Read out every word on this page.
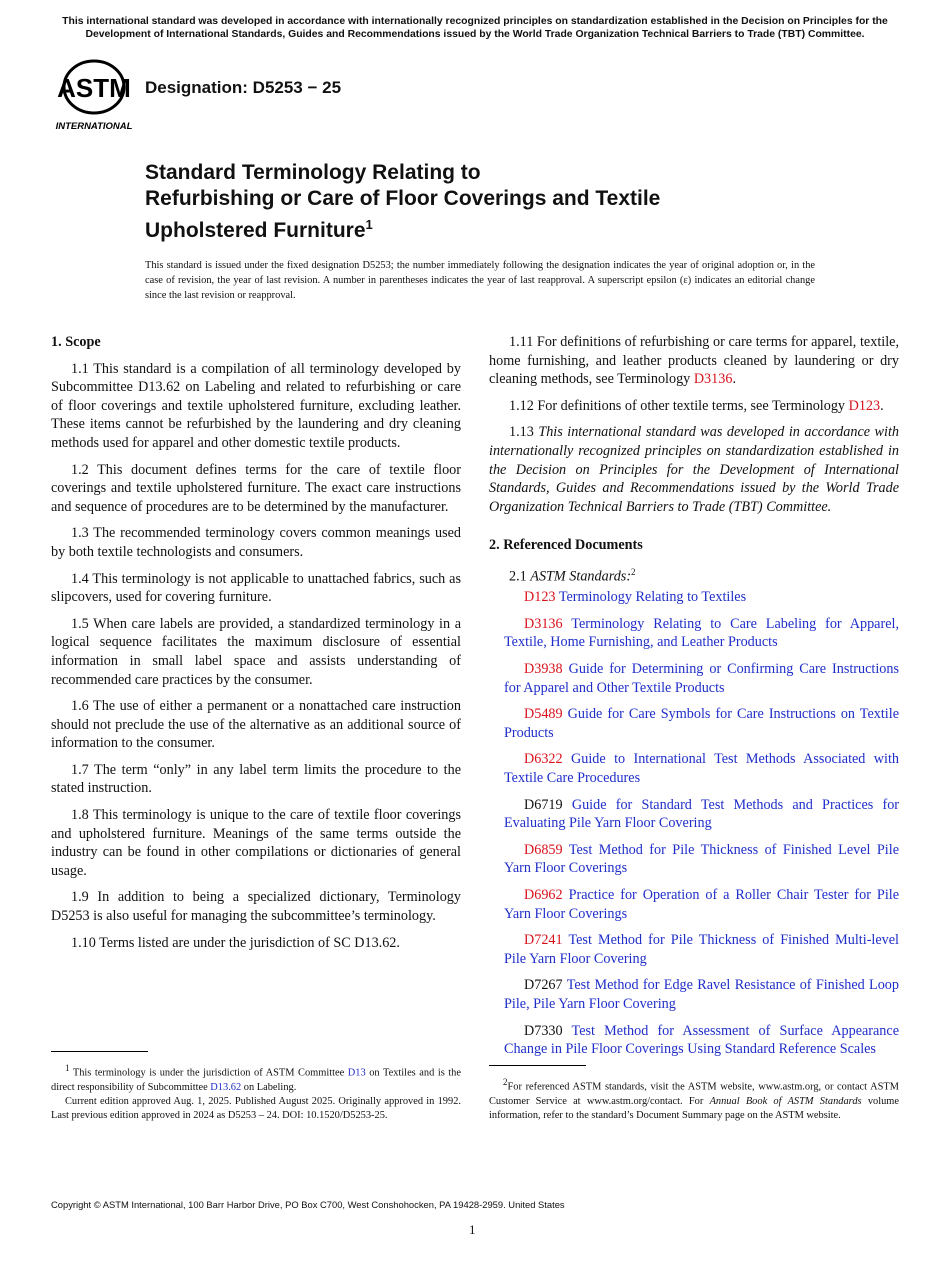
This international standard was developed in accordance with internationally recognized principles on standardization established in the Decision on Principles for the Development of International Standards, Guides and Recommendations issued by the World Trade Organization Technical Barriers to Trade (TBT) Committee.
ASTM
INTERNATIONAL
Designation: D5253 − 25
Standard Terminology Relating to
Refurbishing or Care of Floor Coverings and Textile
Upholstered Furniture$^1$
This standard is issued under the fixed designation D5253; the number immediately following the designation indicates the year of original adoption or, in the case of revision, the year of last revision. A number in parentheses indicates the year of last reapproval. A superscript epsilon (ε) indicates an editorial change since the last revision or reapproval.
1. Scope

1.1 This standard is a compilation of all terminology developed by Subcommittee D13.62 on Labeling and related to refurbishing or care of floor coverings and textile upholstered furniture, excluding leather. These items cannot be refurbished by the laundering and dry cleaning methods used for apparel and other domestic textile products.

1.2 This document defines terms for the care of textile floor coverings and textile upholstered furniture. The exact care instructions and sequence of procedures are to be determined by the manufacturer.

1.3 The recommended terminology covers common meanings used by both textile technologists and consumers.

1.4 This terminology is not applicable to unattached fabrics, such as slipcovers, used for covering furniture.

1.5 When care labels are provided, a standardized terminology in a logical sequence facilitates the maximum disclosure of essential information in small label space and assists understanding of recommended care practices by the consumer.

1.6 The use of either a permanent or a nonattached care instruction should not preclude the use of the alternative as an additional source of information to the consumer.

1.7 The term “only” in any label term limits the procedure to the stated instruction.

1.8 This terminology is unique to the care of textile floor coverings and upholstered furniture. Meanings of the same terms outside the industry can be found in other compilations or dictionaries of general usage.

1.9 In addition to being a specialized dictionary, Terminology D5253 is also useful for managing the subcommittee’s terminology.

1.10 Terms listed are under the jurisdiction of SC D13.62.

1.11 For definitions of refurbishing or care terms for apparel, textile, home furnishing, and leather products cleaned by laundering or dry cleaning methods, see Terminology D3136.

1.12 For definitions of other textile terms, see Terminology D123.

1.13 This international standard was developed in accordance with internationally recognized principles on standardization established in the Decision on Principles for the Development of International Standards, Guides and Recommendations issued by the World Trade Organization Technical Barriers to Trade (TBT) Committee.

2. Referenced Documents

2.1 ASTM Standards:$^2$

D123 Terminology Relating to Textiles

D3136 Terminology Relating to Care Labeling for Apparel, Textile, Home Furnishing, and Leather Products

D3938 Guide for Determining or Confirming Care Instructions for Apparel and Other Textile Products

D5489 Guide for Care Symbols for Care Instructions on Textile Products

D6322 Guide to International Test Methods Associated with Textile Care Procedures

D6719 Guide for Standard Test Methods and Practices for Evaluating Pile Yarn Floor Covering

D6859 Test Method for Pile Thickness of Finished Level Pile Yarn Floor Coverings

D6962 Practice for Operation of a Roller Chair Tester for Pile Yarn Floor Coverings

D7241 Test Method for Pile Thickness of Finished Multi-level Pile Yarn Floor Covering

D7267 Test Method for Edge Ravel Resistance of Finished Loop Pile, Pile Yarn Floor Covering

D7330 Test Method for Assessment of Surface Appearance Change in Pile Floor Coverings Using Standard Reference Scales

$^1$ This terminology is under the jurisdiction of ASTM Committee D13 on Textiles and is the direct responsibility of Subcommittee D13.62 on Labeling.

Current edition approved Aug. 1, 2025. Published August 2025. Originally approved in 1992. Last previous edition approved in 2024 as D5253 – 24. DOI: 10.1520/D5253-25.

$^2$For referenced ASTM standards, visit the ASTM website, www.astm.org, or contact ASTM Customer Service at www.astm.org/contact. For Annual Book of ASTM Standards volume information, refer to the standard’s Document Summary page on the ASTM website.

Copyright © ASTM International, 100 Barr Harbor Drive, PO Box C700, West Conshohocken, PA 19428-2959. United States
1
